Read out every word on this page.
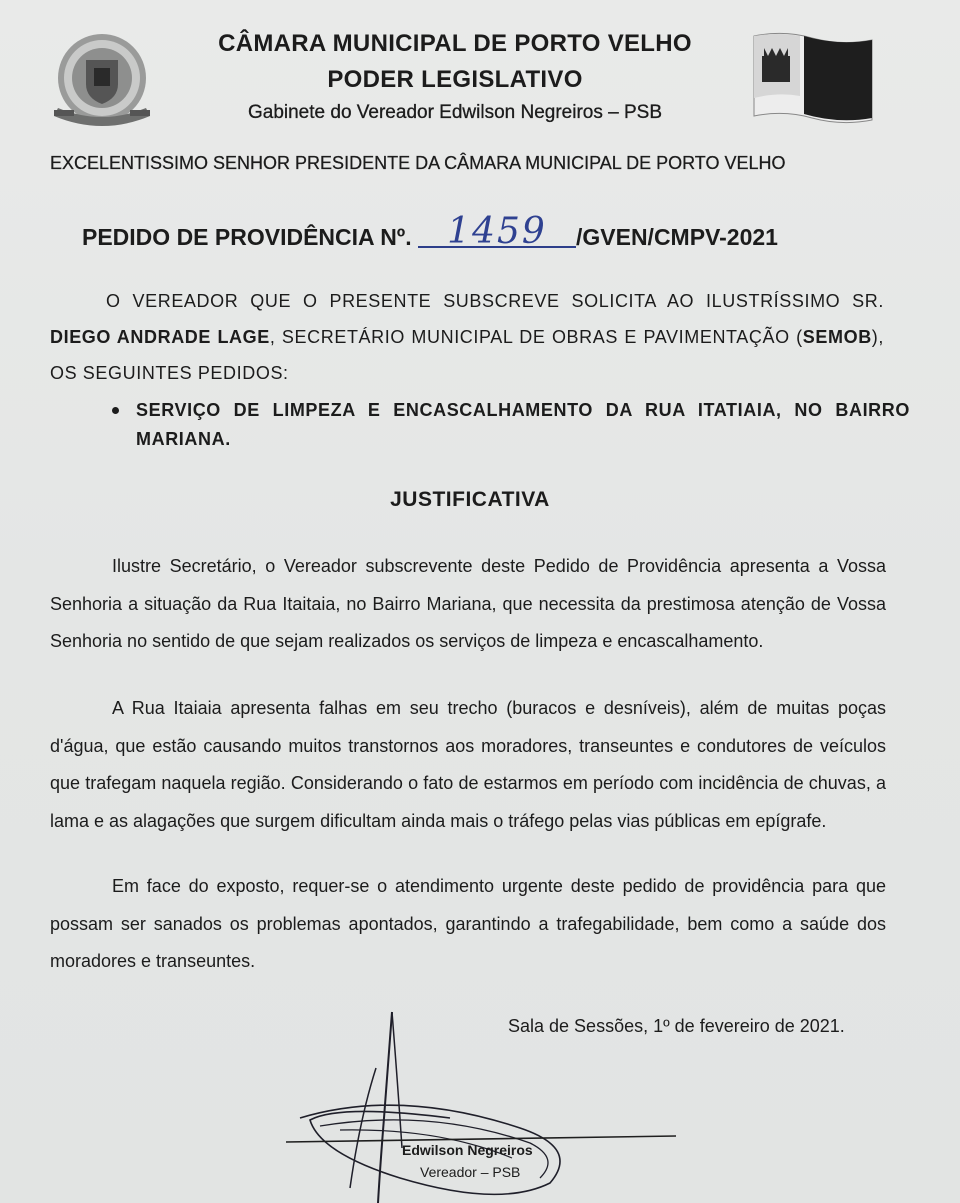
CÂMARA MUNICIPAL DE PORTO VELHO
PODER LEGISLATIVO
Gabinete do Vereador Edwilson Negreiros – PSB
EXCELENTISSIMO SENHOR PRESIDENTE DA CÂMARA MUNICIPAL DE PORTO VELHO
PEDIDO DE PROVIDÊNCIA Nº. 1459 /GVEN/CMPV-2021
O VEREADOR QUE O PRESENTE SUBSCREVE SOLICITA AO ILUSTRÍSSIMO SR. DIEGO ANDRADE LAGE, SECRETÁRIO MUNICIPAL DE OBRAS E PAVIMENTAÇÃO (SEMOB), OS SEGUINTES PEDIDOS:
SERVIÇO DE LIMPEZA E ENCASCALHAMENTO DA RUA ITATIAIA, NO BAIRRO MARIANA.
JUSTIFICATIVA
Ilustre Secretário, o Vereador subscrevente deste Pedido de Providência apresenta a Vossa Senhoria a situação da Rua Itaitaia, no Bairro Mariana, que necessita da prestimosa atenção de Vossa Senhoria no sentido de que sejam realizados os serviços de limpeza e encascalhamento.
A Rua Itaiaia apresenta falhas em seu trecho (buracos e desníveis), além de muitas poças d'água, que estão causando muitos transtornos aos moradores, transeuntes e condutores de veículos que trafegam naquela região. Considerando o fato de estarmos em período com incidência de chuvas, a lama e as alagações que surgem dificultam ainda mais o tráfego pelas vias públicas em epígrafe.
Em face do exposto, requer-se o atendimento urgente deste pedido de providência para que possam ser sanados os problemas apontados, garantindo a trafegabilidade, bem como a saúde dos moradores e transeuntes.
Sala de Sessões, 1º de fevereiro de 2021.
Edwilson Negreiros
Vereador – PSB
